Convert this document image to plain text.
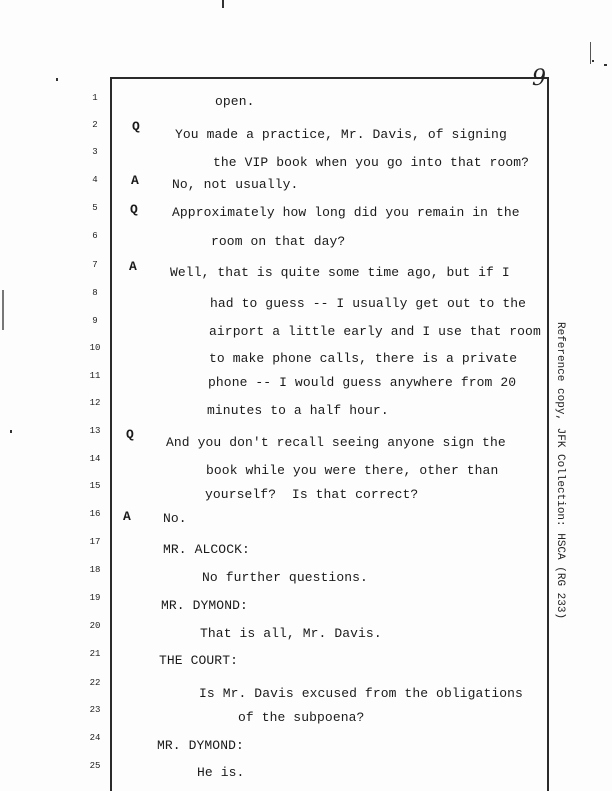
9
1
2
3
4
5
6
7
8
9
10
11
12
13
14
15
16
17
18
19
20
21
22
23
24
25
Q
A
Q
A
Q
A
open.
You made a practice, Mr. Davis, of signing
the VIP book when you go into that room?
No, not usually.
Approximately how long did you remain in the
room on that day?
Well, that is quite some time ago, but if I
had to guess -- I usually get out to the
airport a little early and I use that room
to make phone calls, there is a private
phone -- I would guess anywhere from 20
minutes to a half hour.
And you don't recall seeing anyone sign the
book while you were there, other than
yourself?  Is that correct?
No.
MR. ALCOCK:
No further questions.
MR. DYMOND:
That is all, Mr. Davis.
THE COURT:
Is Mr. Davis excused from the obligations
of the subpoena?
MR. DYMOND:
He is.
Reference copy, JFK Collection: HSCA (RG 233)
